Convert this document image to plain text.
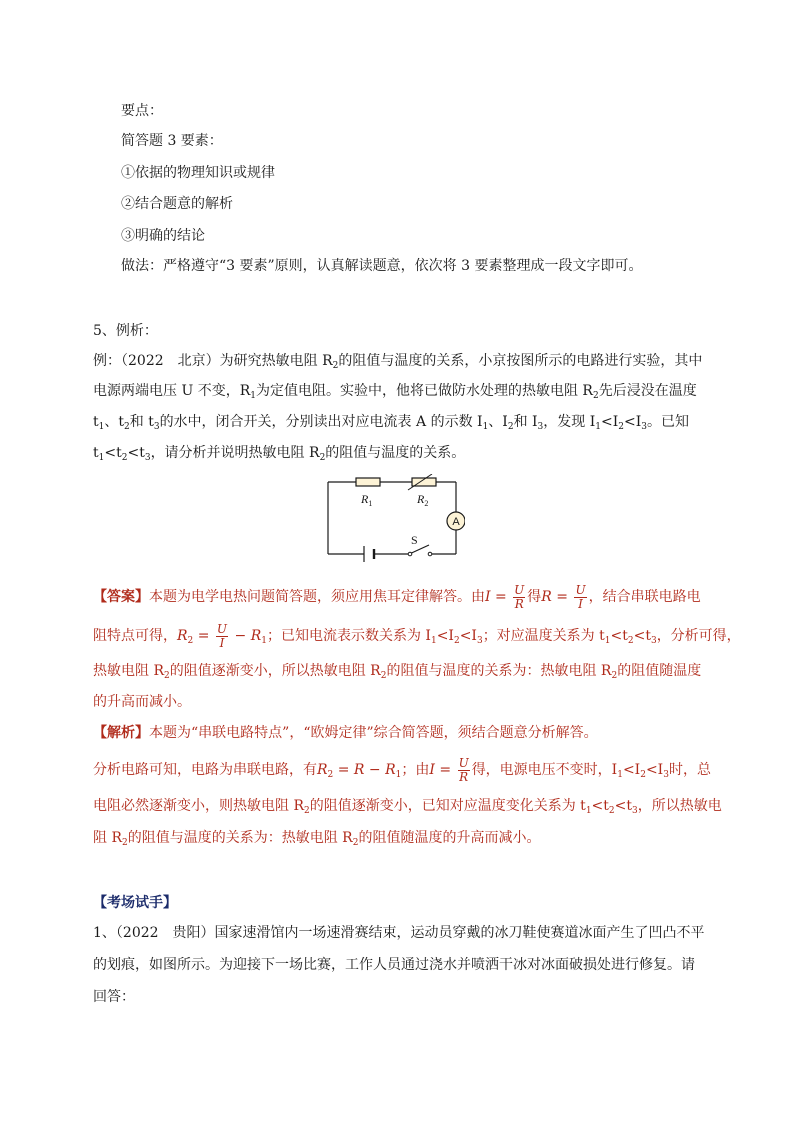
要点：
简答题 3 要素：
①依据的物理知识或规律
②结合题意的解析
③明确的结论
做法：严格遵守“3 要素”原则，认真解读题意，依次将 3 要素整理成一段文字即可。
5、例析：
例：（2022　北京）为研究热敏电阻 $R_2$的阻值与温度的关系，小京按图所示的电路进行实验，其中
电源两端电压 U 不变，$R_1$为定值电阻。实验中，他将已做防水处理的热敏电阻 $R_2$先后浸没在温度
$t_1$、$t_2$和 $t_3$的水中，闭合开关，分别读出对应电流表 A 的示数 $I_1$、$I_2$和 $I_3$，发现 $I_1<I_2<I_3$。已知
$t_1<t_2<t_3$，请分析并说明热敏电阻 $R_2$的阻值与温度的关系。
$R_1$	$R_2$
A
S
【答案】本题为电学电热问题简答题，须应用焦耳定律解答。由$I = \frac{U}{R}$ 得$R = \frac{U}{I}$ ，结合串联电路电
阻特点可得，$R_2 = \frac{U}{I} - R_1$；已知电流表示数关系为 $I_1<I_2<I_3$；对应温度关系为 $t_1<t_2<t_3$，分析可得，
热敏电阻 $R_2$的阻值逐渐变小，所以热敏电阻 $R_2$的阻值与温度的关系为：热敏电阻 $R_2$的阻值随温度
的升高而减小。
【解析】本题为“串联电路特点”，“欧姆定律”综合简答题，须结合题意分析解答。
分析电路可知，电路为串联电路，有$R_2 = R - R_1$；由$I = \frac{U}{R}$ 得，电源电压不变时，$I_1<I_2<I_3$时，总
电阻必然逐渐变小，则热敏电阻 $R_2$的阻值逐渐变小，已知对应温度变化关系为 $t_1<t_2<t_3$，所以热敏电
阻 $R_2$的阻值与温度的关系为：热敏电阻 $R_2$的阻值随温度的升高而减小。
【考场试手】
1、（2022　贵阳）国家速滑馆内一场速滑赛结束，运动员穿戴的冰刀鞋使赛道冰面产生了凹凸不平
的划痕，如图所示。为迎接下一场比赛，工作人员通过浇水并喷洒干冰对冰面破损处进行修复。请
回答：
